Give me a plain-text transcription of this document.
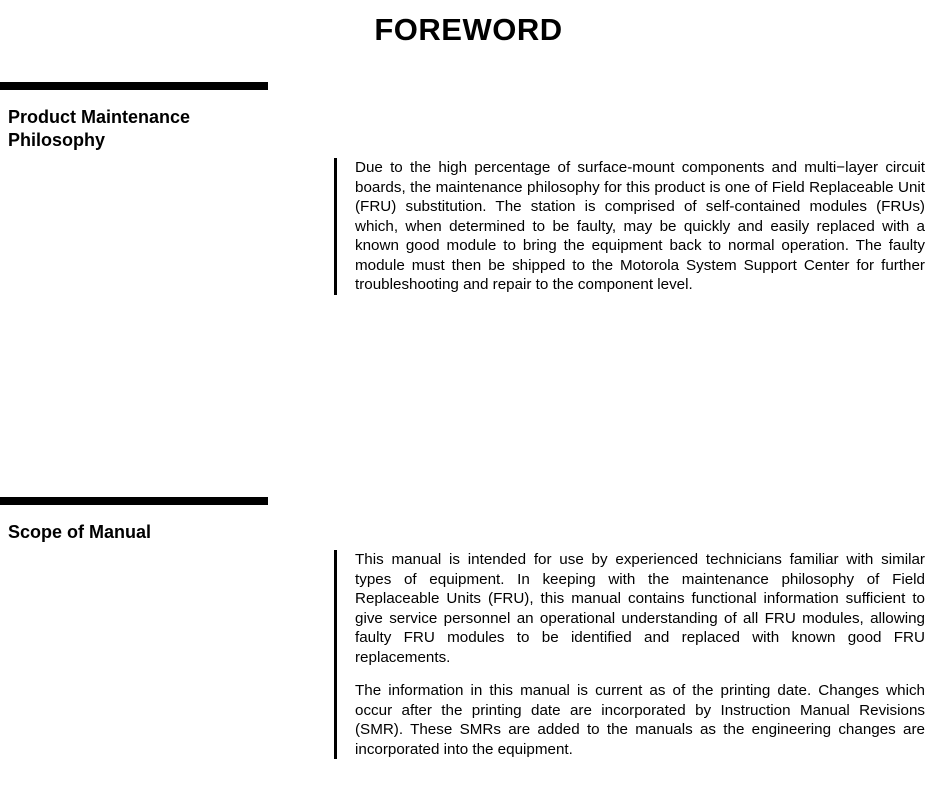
FOREWORD
Product Maintenance Philosophy

Due to the high percentage of surface-mount components and multi−layer circuit boards, the maintenance philosophy for this product is one of Field Replaceable Unit (FRU) substitution. The station is comprised of self-contained modules (FRUs) which, when determined to be faulty, may be quickly and easily replaced with a known good module to bring the equipment back to normal operation. The faulty module must then be shipped to the Motorola System Support Center for further troubleshooting and repair to the component level.

Scope of Manual

This manual is intended for use by experienced technicians familiar with similar types of equipment. In keeping with the maintenance philosophy of Field Replaceable Units (FRU), this manual contains functional information sufficient to give service personnel an operational understanding of all FRU modules, allowing faulty FRU modules to be identified and replaced with known good FRU replacements.

The information in this manual is current as of the printing date. Changes which occur after the printing date are incorporated by Instruction Manual Revisions (SMR). These SMRs are added to the manuals as the engineering changes are incorporated into the equipment.
